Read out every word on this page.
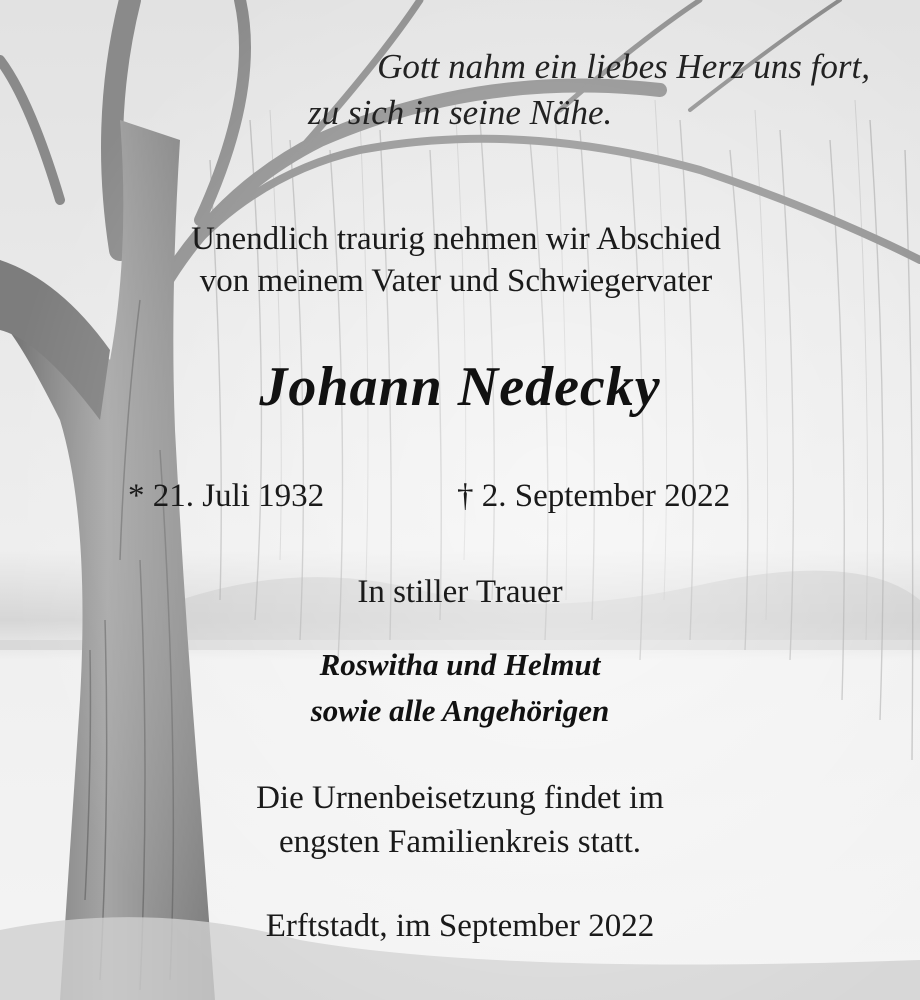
Gott nahm ein liebes Herz uns fort,
zu sich in seine Nähe.
Unendlich traurig nehmen wir Abschied
von meinem Vater und Schwiegervater
Johann Nedecky
* 21. Juli 1932	† 2. September 2022
In stiller Trauer
Roswitha und Helmut
sowie alle Angehörigen
Die Urnenbeisetzung findet im
engsten Familienkreis statt.
Erftstadt, im September 2022
